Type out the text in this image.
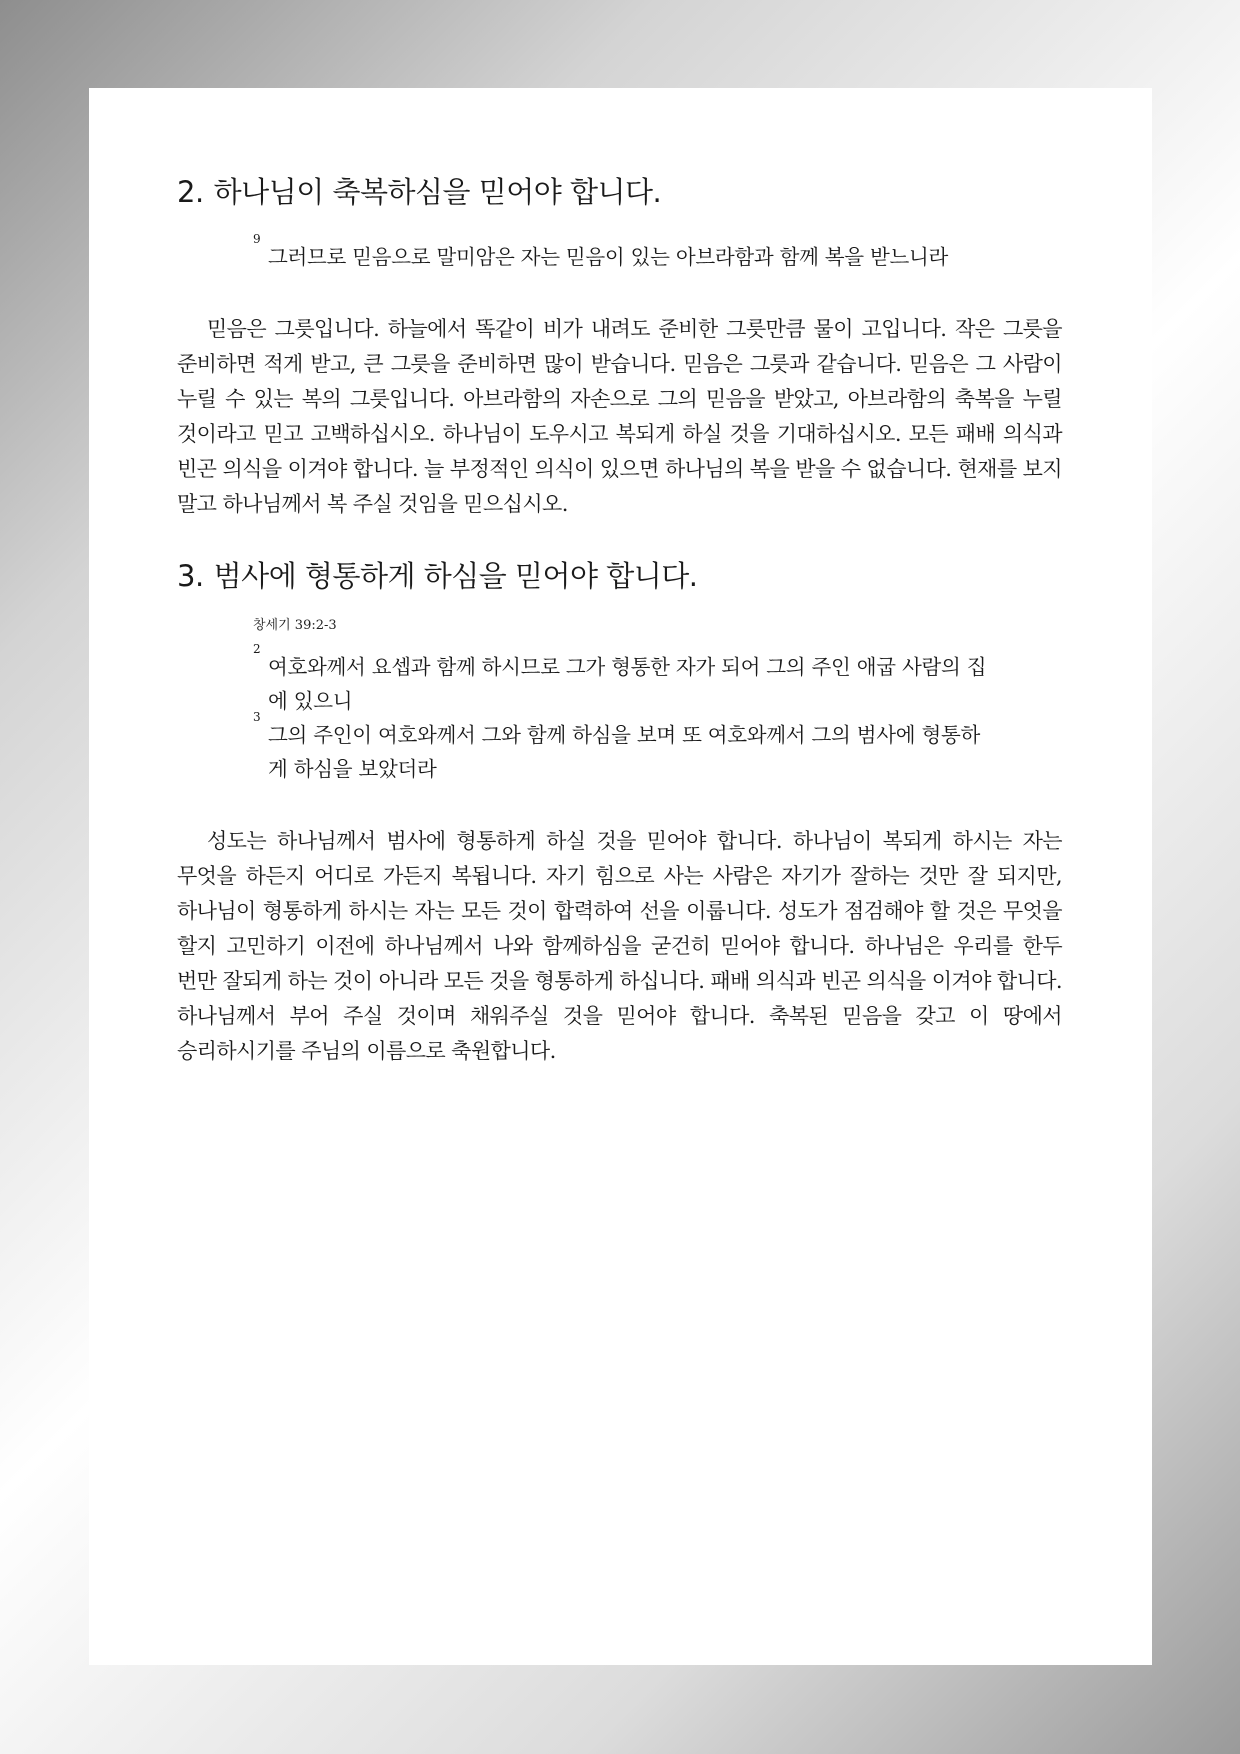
2. 하나님이 축복하심을 믿어야 합니다.

9
그러므로 믿음으로 말미암은 자는 믿음이 있는 아브라함과 함께 복을 받느니라

믿음은 그릇입니다. 하늘에서 똑같이 비가 내려도 준비한 그릇만큼 물이 고입니다. 작은 그릇을 준비하면 적게 받고, 큰 그릇을 준비하면 많이 받습니다. 믿음은 그릇과 같습니다. 믿음은 그 사람이 누릴 수 있는 복의 그릇입니다. 아브라함의 자손으로 그의 믿음을 받았고, 아브라함의 축복을 누릴 것이라고 믿고 고백하십시오. 하나님이 도우시고 복되게 하실 것을 기대하십시오. 모든 패배 의식과 빈곤 의식을 이겨야 합니다. 늘 부정적인 의식이 있으면 하나님의 복을 받을 수 없습니다. 현재를 보지 말고 하나님께서 복 주실 것임을 믿으십시오.

3. 범사에 형통하게 하심을 믿어야 합니다.
창세기 39:2-3

2
여호와께서 요셉과 함께 하시므로 그가 형통한 자가 되어 그의 주인 애굽 사람의 집에 있으니

3
그의 주인이 여호와께서 그와 함께 하심을 보며 또 여호와께서 그의 범사에 형통하게 하심을 보았더라

성도는 하나님께서 범사에 형통하게 하실 것을 믿어야 합니다. 하나님이 복되게 하시는 자는 무엇을 하든지 어디로 가든지 복됩니다. 자기 힘으로 사는 사람은 자기가 잘하는 것만 잘 되지만, 하나님이 형통하게 하시는 자는 모든 것이 합력하여 선을 이룹니다. 성도가 점검해야 할 것은 무엇을 할지 고민하기 이전에 하나님께서 나와 함께하심을 굳건히 믿어야 합니다. 하나님은 우리를 한두 번만 잘되게 하는 것이 아니라 모든 것을 형통하게 하십니다. 패배 의식과 빈곤 의식을 이겨야 합니다. 하나님께서 부어 주실 것이며 채워주실 것을 믿어야 합니다. 축복된 믿음을 갖고 이 땅에서 승리하시기를 주님의 이름으로 축원합니다.
